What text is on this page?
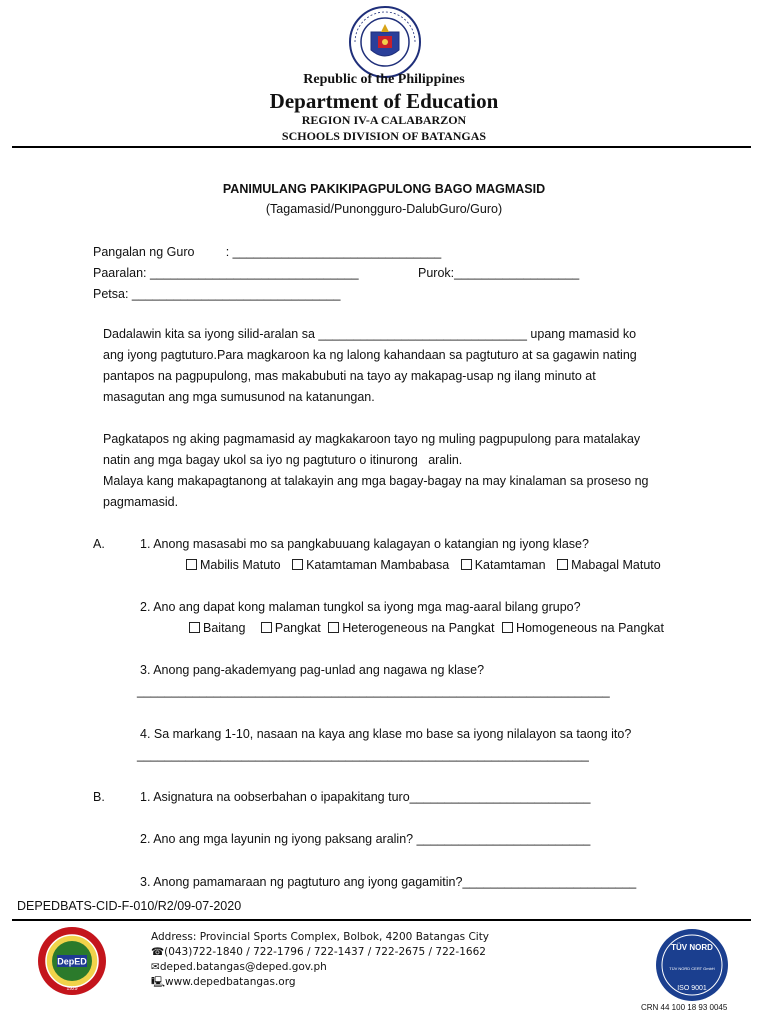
Republic of the Philippines
Department of Education
REGION IV-A CALABARZON
SCHOOLS DIVISION OF BATANGAS
PANIMULANG PAKIKIPAGPULONG BAGO MAGMASID
(Tagamasid/Punongguro-DalubGuro/Guro)
Pangalan ng Guro         : ______________________________
Paaralan: ______________________________	Purok:__________________
Petsa: ______________________________
Dadalawin kita sa iyong silid-aralan sa ______________________________ upang mamasid ko
ang iyong pagtuturo.Para magkaroon ka ng lalong kahandaan sa pagtuturo at sa gagawin nating
pantapos na pagpupulong, mas makabubuti na tayo ay makapag-usap ng ilang minuto at
masagutan ang mga sumusunod na katanungan.
Pagkatapos ng aking pagmamasid ay magkakaroon tayo ng muling pagpupulong para matalakay
natin ang mga bagay ukol sa iyo ng pagtuturo o itinurong   aralin.
Malaya kang makapagtanong at talakayin ang mga bagay-bagay na may kinalaman sa proseso ng
pagmamasid.
A.	1. Anong masasabi mo sa pangkabuuang kalagayan o katangian ng iyong klase?
Mabilis Matuto Katamtaman Mambabasa Katamtaman Mabagal Matuto
2. Ano ang dapat kong malaman tungkol sa iyong mga mag-aaral bilang grupo?
Baitang Pangkat Heterogeneous na Pangkat Homogeneous na Pangkat
3. Anong pang-akademyang pag-unlad ang nagawa ng klase?
____________________________________________________________________
4. Sa markang 1-10, nasaan na kaya ang klase mo base sa iyong nilalayon sa taong ito?
_________________________________________________________________
B.	1. Asignatura na oobserbahan o ipapakitang turo__________________________
2. Ano ang mga layunin ng iyong paksang aralin? _________________________
3. Anong pamamaraan ng pagtuturo ang iyong gagamitin?_________________________
DEPEDBATS-CID-F-010/R2/09-07-2020
DepED
1929
Address: Provincial Sports Complex, Bolbok, 4200 Batangas City
☎(043)722-1840 / 722-1796 / 722-1437 / 722-2675 / 722-1662
✉deped.batangas@deped.gov.ph
🖳www.depedbatangas.org
TÜV NORD
TÜV NORD CERT GmbH
ISO 9001
CRN 44 100 18 93 0045
